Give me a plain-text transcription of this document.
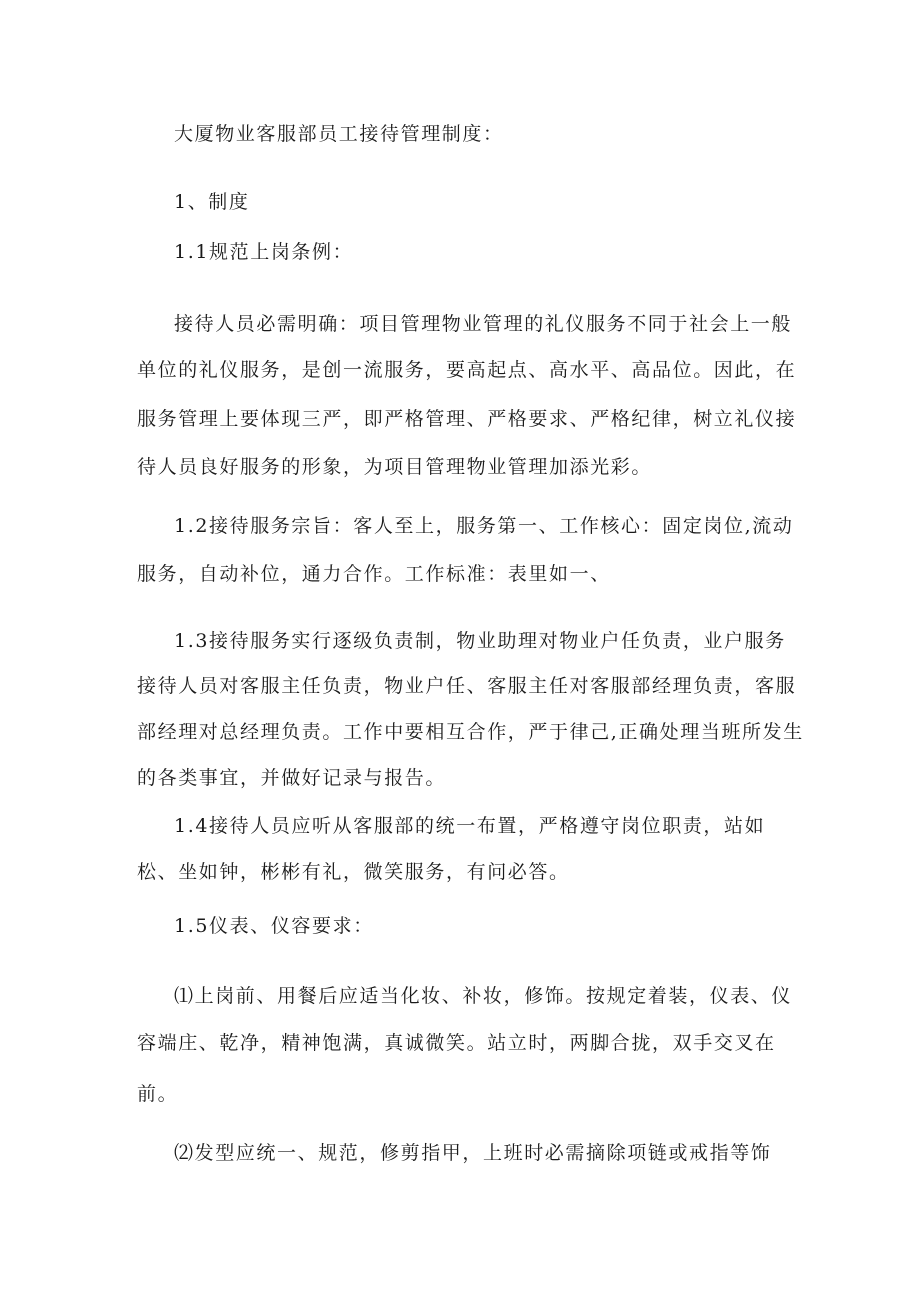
大厦物业客服部员工接待管理制度：
1、制度
1.1规范上岗条例：
接待人员必需明确：项目管理物业管理的礼仪服务不同于社会上一般
单位的礼仪服务，是创一流服务，要高起点、高水平、高品位。因此，在
服务管理上要体现三严，即严格管理、严格要求、严格纪律，树立礼仪接
待人员良好服务的形象，为项目管理物业管理加添光彩。
1.2接待服务宗旨：客人至上，服务第一、工作核心：固定岗位,流动
服务，自动补位，通力合作。工作标准：表里如一、
1.3接待服务实行逐级负责制，物业助理对物业户任负责，业户服务
接待人员对客服主任负责，物业户任、客服主任对客服部经理负责，客服
部经理对总经理负责。工作中要相互合作，严于律己,正确处理当班所发生
的各类事宜，并做好记录与报告。
1.4接待人员应听从客服部的统一布置，严格遵守岗位职责，站如
松、坐如钟，彬彬有礼，微笑服务，有问必答。
1.5仪表、仪容要求：
⑴上岗前、用餐后应适当化妆、补妆，修饰。按规定着装，仪表、仪
容端庄、乾净，精神饱满，真诚微笑。站立时，两脚合拢，双手交叉在
前。
⑵发型应统一、规范，修剪指甲，上班时必需摘除项链或戒指等饰
